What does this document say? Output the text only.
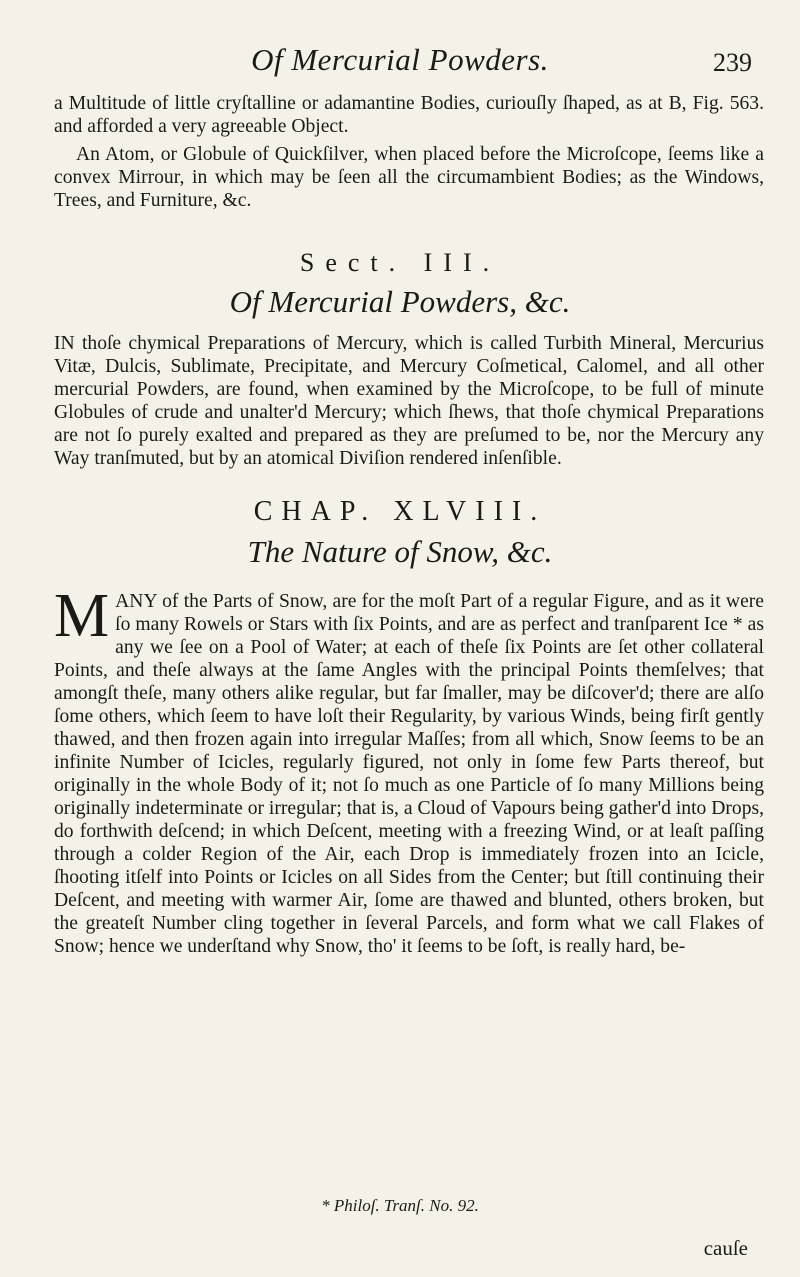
Of Mercurial Powders.	239
a Multitude of little cryſtalline or adamantine Bodies, curiouſly ſhaped, as at B, Fig. 563. and afforded a very agreeable Object.
An Atom, or Globule of Quickſilver, when placed before the Microſcope, ſeems like a convex Mirrour, in which may be ſeen all the circumambient Bodies; as the Windows, Trees, and Furniture, &c.
Sect. III.
Of Mercurial Powders, &c.
IN thoſe chymical Preparations of Mercury, which is called Turbith Mineral, Mercurius Vitæ, Dulcis, Sublimate, Precipitate, and Mercury Coſmetical, Calomel, and all other mercurial Powders, are found, when examined by the Microſcope, to be full of minute Globules of crude and unalter'd Mercury; which ſhews, that thoſe chymical Preparations are not ſo purely exalted and prepared as they are preſumed to be, nor the Mercury any Way tranſmuted, but by an atomical Diviſion rendered inſenſible.
CHAP. XLVIII.
The Nature of Snow, &c.
MANY of the Parts of Snow, are for the moſt Part of a regular Figure, and as it were ſo many Rowels or Stars with ſix Points, and are as perfect and tranſparent Ice * as any we ſee on a Pool of Water; at each of theſe ſix Points are ſet other collateral Points, and theſe always at the ſame Angles with the principal Points themſelves; that amongſt theſe, many others alike regular, but far ſmaller, may be diſcover'd; there are alſo ſome others, which ſeem to have loſt their Regularity, by various Winds, being firſt gently thawed, and then frozen again into irregular Maſſes; from all which, Snow ſeems to be an infinite Number of Icicles, regularly figured, not only in ſome few Parts thereof, but originally in the whole Body of it; not ſo much as one Particle of ſo many Millions being originally indeterminate or irregular; that is, a Cloud of Vapours being gather'd into Drops, do forthwith deſcend; in which Deſcent, meeting with a freezing Wind, or at leaſt paſſing through a colder Region of the Air, each Drop is immediately frozen into an Icicle, ſhooting itſelf into Points or Icicles on all Sides from the Center; but ſtill continuing their Deſcent, and meeting with warmer Air, ſome are thawed and blunted, others broken, but the greateſt Number cling together in ſeveral Parcels, and form what we call Flakes of Snow; hence we underſtand why Snow, tho' it ſeems to be ſoft, is really hard, be-
* Philoſ. Tranſ. No. 92.
cauſe
